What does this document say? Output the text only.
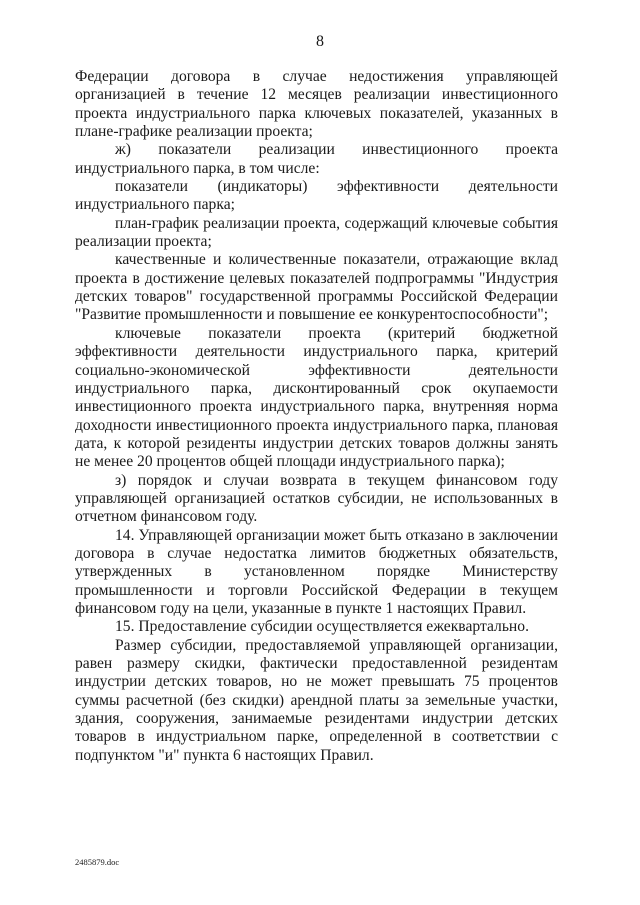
8

Федерации договора в случае недостижения управляющей организацией в течение 12 месяцев реализации инвестиционного проекта индустриального парка ключевых показателей, указанных в плане-графике реализации проекта;

ж) показатели реализации инвестиционного проекта индустриального парка, в том числе:

показатели (индикаторы) эффективности деятельности индустриального парка;

план-график реализации проекта, содержащий ключевые события реализации проекта;

качественные и количественные показатели, отражающие вклад проекта в достижение целевых показателей подпрограммы "Индустрия детских товаров" государственной программы Российской Федерации "Развитие промышленности и повышение ее конкурентоспособности";

ключевые показатели проекта (критерий бюджетной эффективности деятельности индустриального парка, критерий социально-экономической эффективности деятельности индустриального парка, дисконтированный срок окупаемости инвестиционного проекта индустриального парка, внутренняя норма доходности инвестиционного проекта индустриального парка, плановая дата, к которой резиденты индустрии детских товаров должны занять не менее 20 процентов общей площади индустриального парка);

з) порядок и случаи возврата в текущем финансовом году управляющей организацией остатков субсидии, не использованных в отчетном финансовом году.

14. Управляющей организации может быть отказано в заключении договора в случае недостатка лимитов бюджетных обязательств, утвержденных в установленном порядке Министерству промышленности и торговли Российской Федерации в текущем финансовом году на цели, указанные в пункте 1 настоящих Правил.

15. Предоставление субсидии осуществляется ежеквартально.

Размер субсидии, предоставляемой управляющей организации, равен размеру скидки, фактически предоставленной резидентам индустрии детских товаров, но не может превышать 75 процентов суммы расчетной (без скидки) арендной платы за земельные участки, здания, сооружения, занимаемые резидентами индустрии детских товаров в индустриальном парке, определенной в соответствии с подпунктом "и" пункта 6 настоящих Правил.

2485879.doc
